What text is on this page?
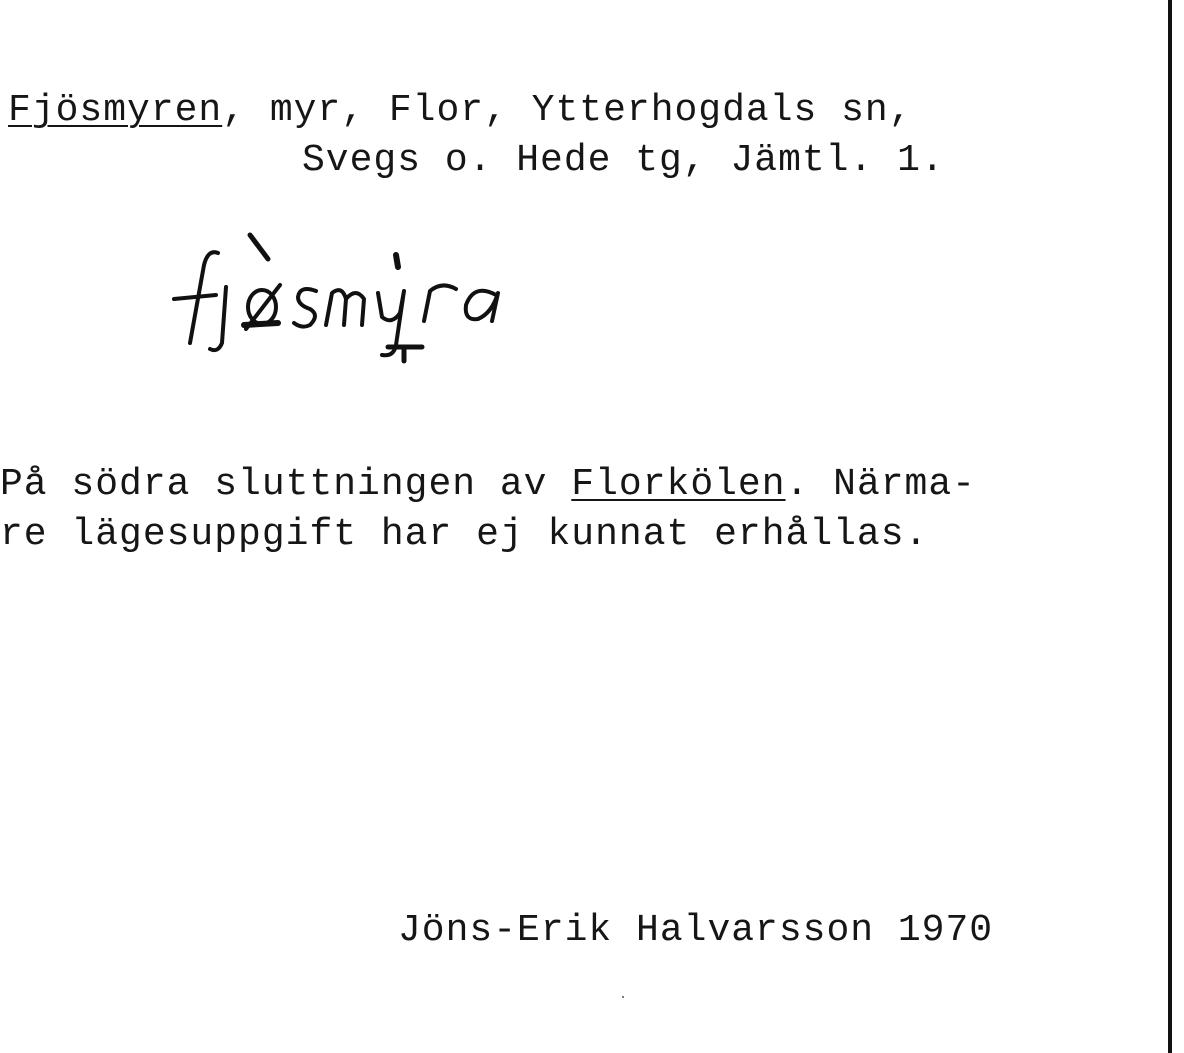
Fjösmyren, myr, Flor, Ytterhogdals sn,
Svegs o. Hede tg, Jämtl. 1.
På södra sluttningen av Florkölen. Närma-
re lägesuppgift har ej kunnat erhållas.
Jöns-Erik Halvarsson 1970
